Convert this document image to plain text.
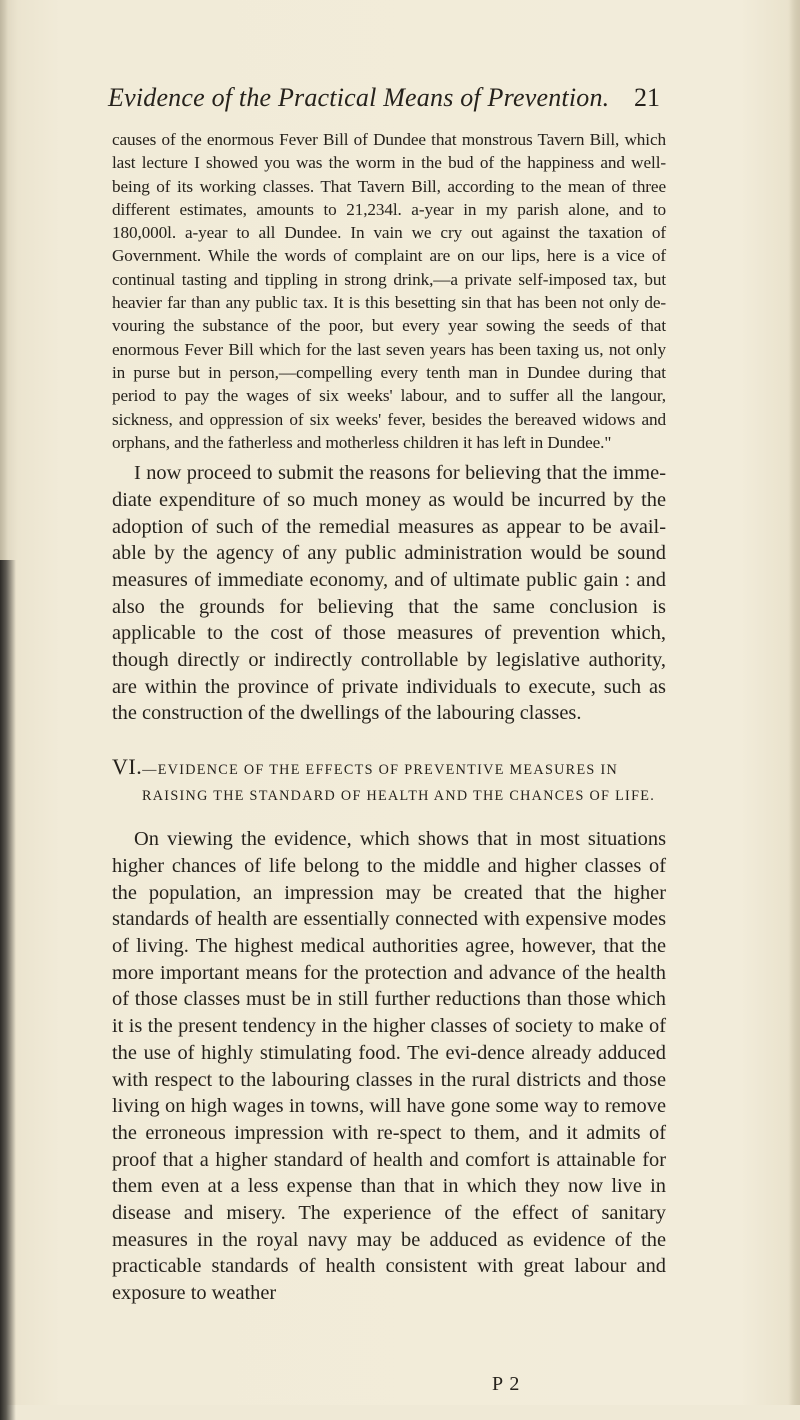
Evidence of the Practical Means of Prevention. 21

causes of the enormous Fever Bill of Dundee that monstrous Tavern Bill, which last lecture I showed you was the worm in the bud of the happiness and well-being of its working classes. That Tavern Bill, according to the mean of three different estimates, amounts to 21,234l. a-year in my parish alone, and to 180,000l. a-year to all Dundee. In vain we cry out against the taxation of Government. While the words of complaint are on our lips, here is a vice of continual tasting and tippling in strong drink,—a private self-imposed tax, but heavier far than any public tax. It is this besetting sin that has been not only de-vouring the substance of the poor, but every year sowing the seeds of that enormous Fever Bill which for the last seven years has been taxing us, not only in purse but in person,—compelling every tenth man in Dundee during that period to pay the wages of six weeks' labour, and to suffer all the langour, sickness, and oppression of six weeks' fever, besides the bereaved widows and orphans, and the fatherless and motherless children it has left in Dundee."

I now proceed to submit the reasons for believing that the imme-diate expenditure of so much money as would be incurred by the adoption of such of the remedial measures as appear to be avail-able by the agency of any public administration would be sound measures of immediate economy, and of ultimate public gain : and also the grounds for believing that the same conclusion is applicable to the cost of those measures of prevention which, though directly or indirectly controllable by legislative authority, are within the province of private individuals to execute, such as the construction of the dwellings of the labouring classes.

VI.—EVIDENCE OF THE EFFECTS OF PREVENTIVE MEASURES IN RAISING THE STANDARD OF HEALTH AND THE CHANCES OF LIFE.

On viewing the evidence, which shows that in most situations higher chances of life belong to the middle and higher classes of the population, an impression may be created that the higher standards of health are essentially connected with expensive modes of living. The highest medical authorities agree, however, that the more important means for the protection and advance of the health of those classes must be in still further reductions than those which it is the present tendency in the higher classes of society to make of the use of highly stimulating food. The evi-dence already adduced with respect to the labouring classes in the rural districts and those living on high wages in towns, will have gone some way to remove the erroneous impression with re-spect to them, and it admits of proof that a higher standard of health and comfort is attainable for them even at a less expense than that in which they now live in disease and misery. The experience of the effect of sanitary measures in the royal navy may be adduced as evidence of the practicable standards of health consistent with great labour and exposure to weather

P 2
